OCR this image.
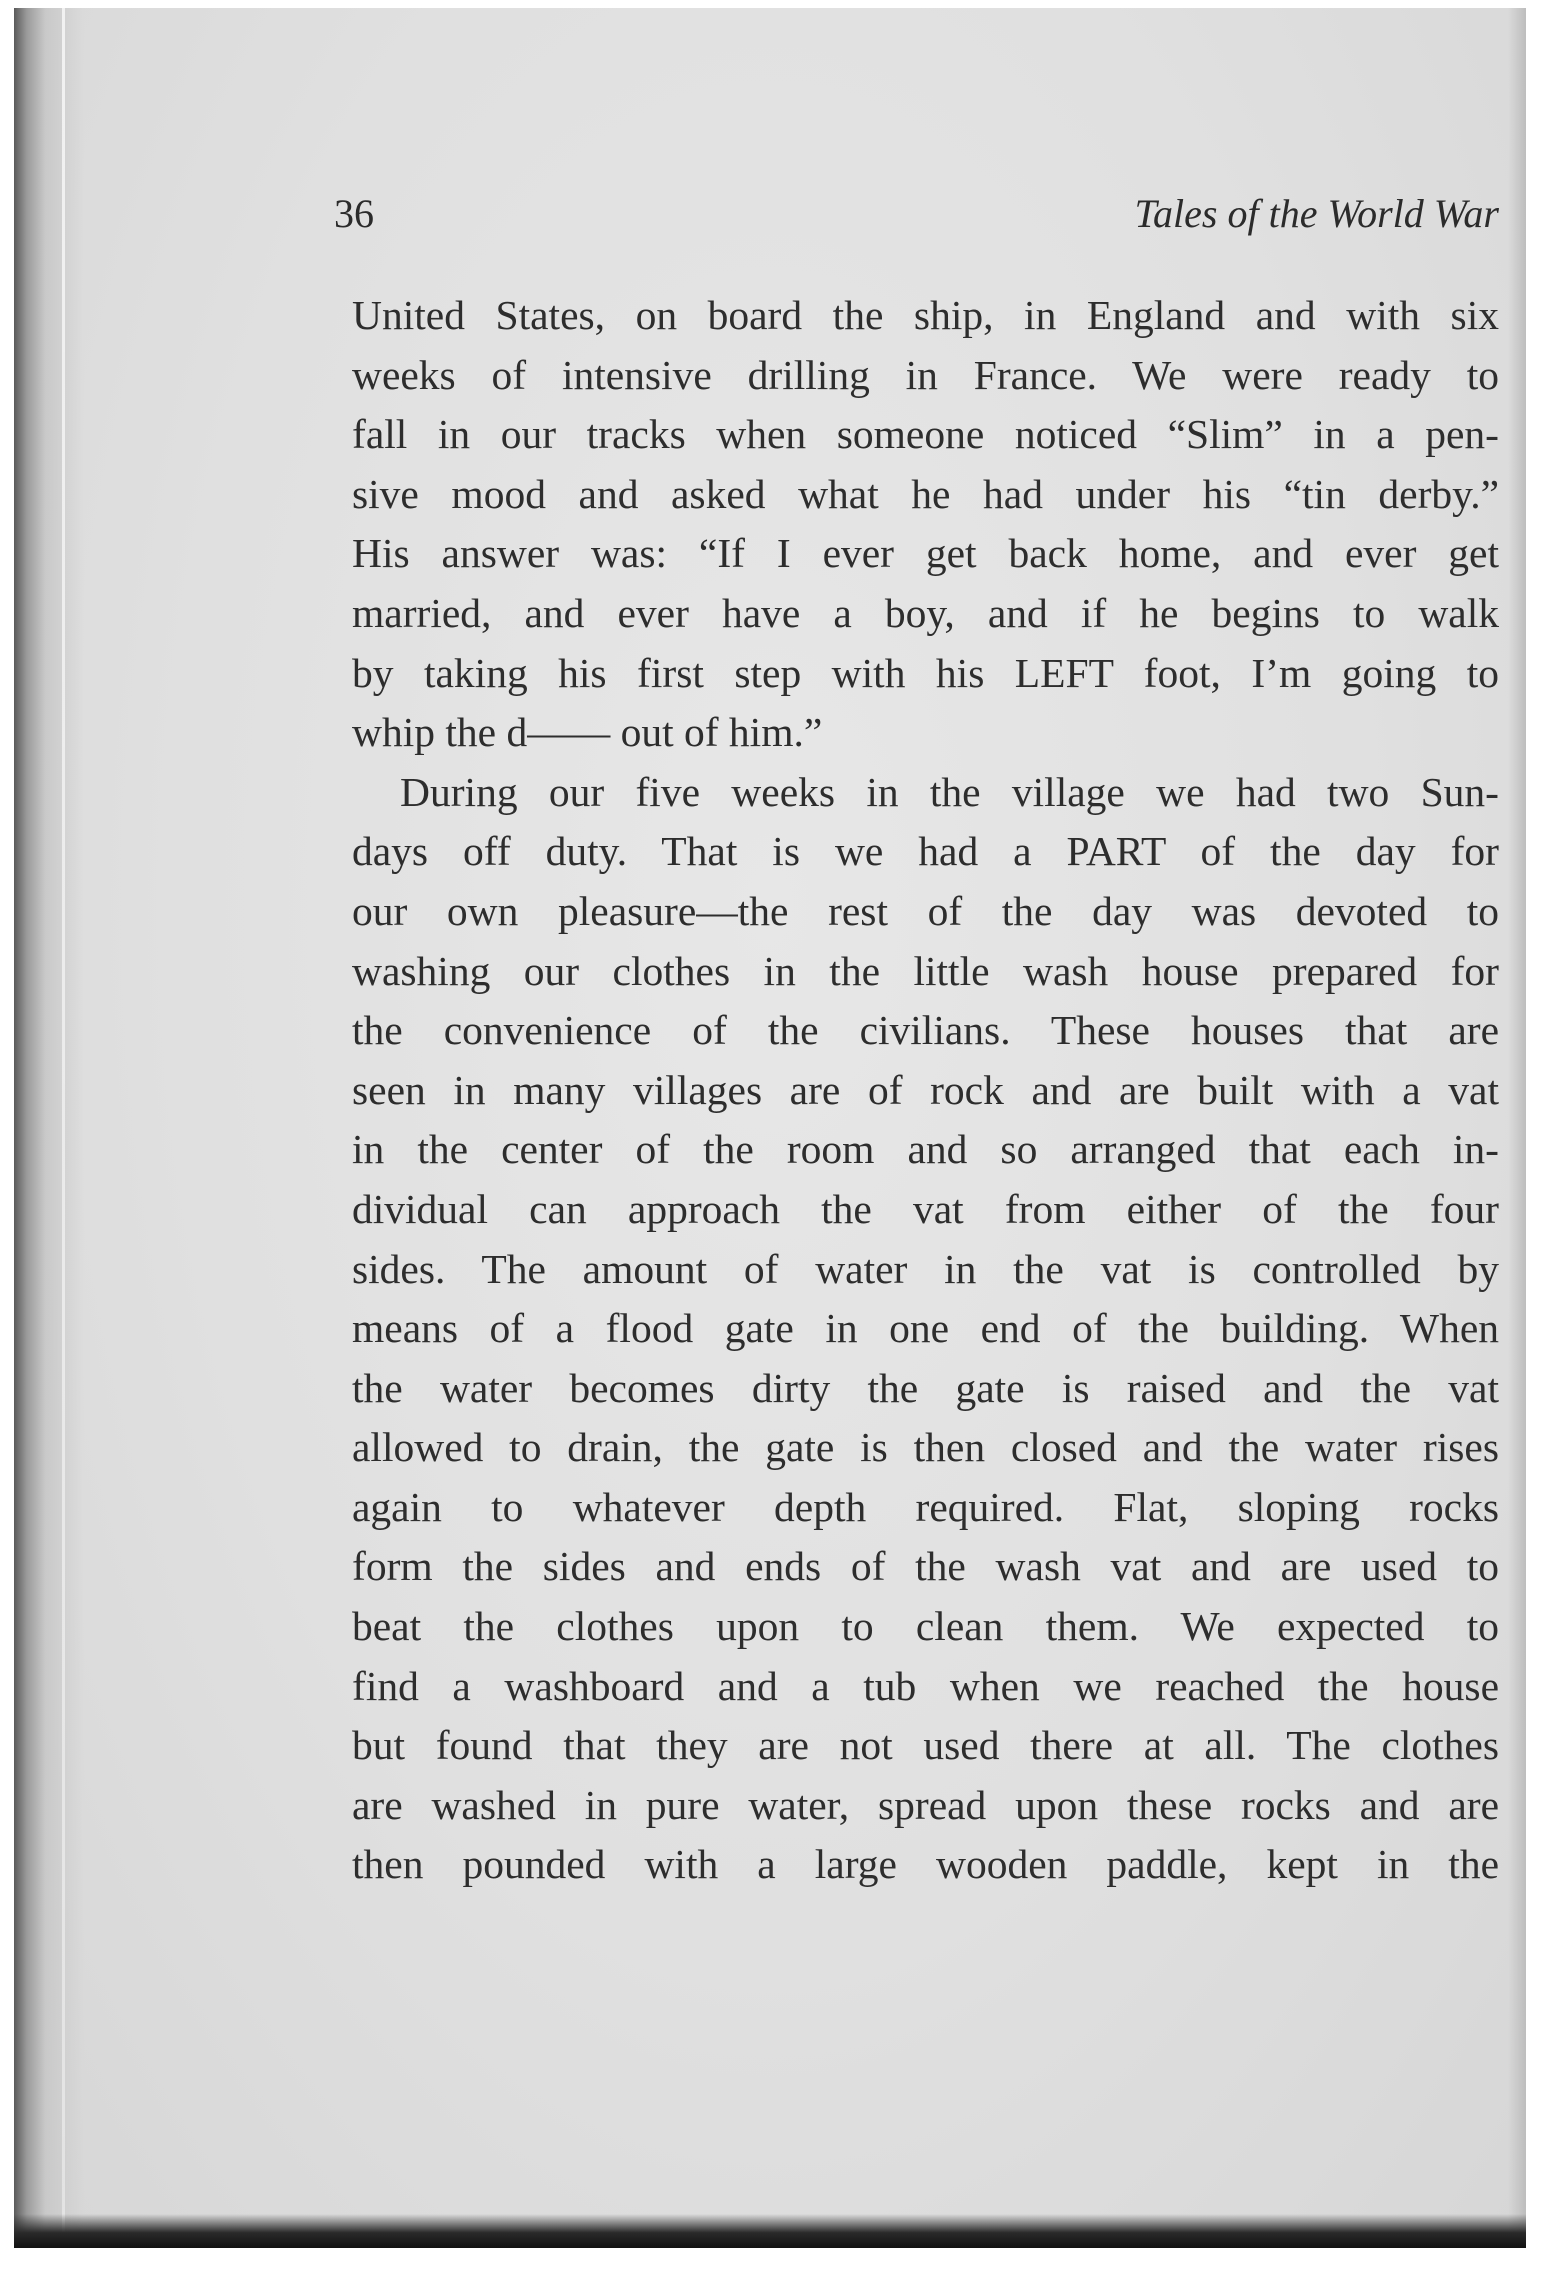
36	Tales of the World War
United States, on board the ship, in England and with six
weeks of intensive drilling in France. We were ready to
fall in our tracks when someone noticed “Slim” in a pen-
sive mood and asked what he had under his “tin derby.”
His answer was: “If I ever get back home, and ever get
married, and ever have a boy, and if he begins to walk
by taking his first step with his LEFT foot, I’m going to
whip the d—— out of him.”
During our five weeks in the village we had two Sun-
days off duty. That is we had a PART of the day for
our own pleasure—the rest of the day was devoted to
washing our clothes in the little wash house prepared for
the convenience of the civilians. These houses that are
seen in many villages are of rock and are built with a vat
in the center of the room and so arranged that each in-
dividual can approach the vat from either of the four
sides. The amount of water in the vat is controlled by
means of a flood gate in one end of the building. When
the water becomes dirty the gate is raised and the vat
allowed to drain, the gate is then closed and the water rises
again to whatever depth required. Flat, sloping rocks
form the sides and ends of the wash vat and are used to
beat the clothes upon to clean them. We expected to
find a washboard and a tub when we reached the house
but found that they are not used there at all. The clothes
are washed in pure water, spread upon these rocks and are
then pounded with a large wooden paddle, kept in the
